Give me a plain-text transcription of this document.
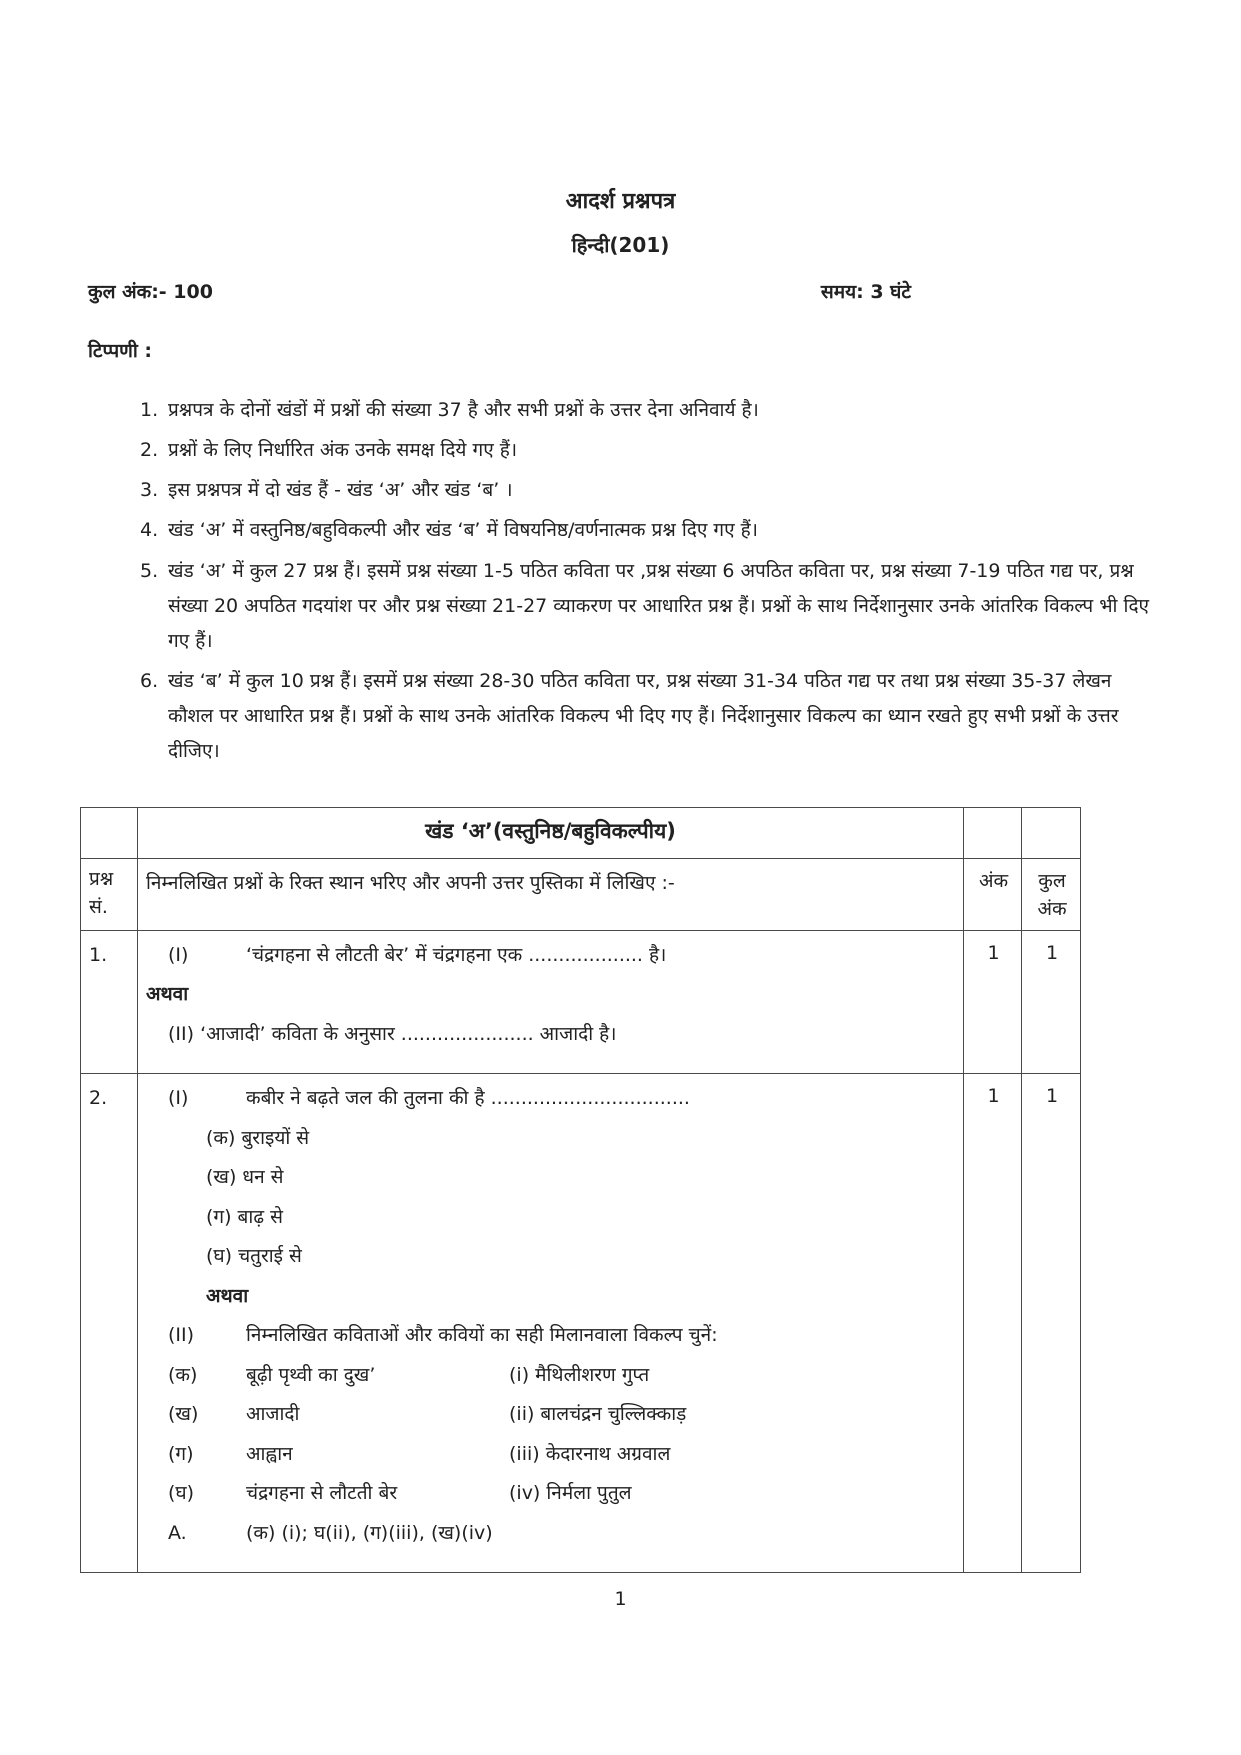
आदर्श प्रश्नपत्र
हिन्दी(201)
कुल अंक:- 100	समय: 3 घंटे
टिप्पणी :
1. प्रश्नपत्र के दोनों खंडों में प्रश्नों की संख्या 37 है और सभी प्रश्नों के उत्तर देना अनिवार्य है।
2. प्रश्नों के लिए निर्धारित अंक उनके समक्ष दिये गए हैं।
3. इस प्रश्नपत्र में दो खंड हैं - खंड ‘अ’ और खंड ‘ब’ ।
4. खंड ‘अ’ में वस्तुनिष्ठ/बहुविकल्पी और खंड ‘ब’ में विषयनिष्ठ/वर्णनात्मक प्रश्न दिए गए हैं।
5. खंड ‘अ’ में कुल 27 प्रश्न हैं। इसमें प्रश्न संख्या 1-5 पठित कविता पर ,प्रश्न संख्या 6 अपठित कविता पर, प्रश्न संख्या 7-19 पठित गद्य पर, प्रश्न संख्या 20 अपठित गदयांश पर और प्रश्न संख्या 21-27 व्याकरण पर आधारित प्रश्न हैं। प्रश्नों के साथ निर्देशानुसार उनके आंतरिक विकल्प भी दिए गए हैं।
6. खंड ‘ब’ में कुल 10 प्रश्न हैं। इसमें प्रश्न संख्या 28-30 पठित कविता पर, प्रश्न संख्या 31-34 पठित गद्य पर तथा प्रश्न संख्या 35-37 लेखन कौशल पर आधारित प्रश्न हैं। प्रश्नों के साथ उनके आंतरिक विकल्प भी दिए गए हैं। निर्देशानुसार विकल्प का ध्यान रखते हुए सभी प्रश्नों के उत्तर दीजिए।
	खंड ‘अ’(वस्तुनिष्ठ/बहुविकल्पीय)		
प्रश्न सं.	निम्नलिखित प्रश्नों के रिक्त स्थान भरिए और अपनी उत्तर पुस्तिका में लिखिए :-	अंक	कुल अंक
1.	(I) ‘चंद्रगहना से लौटती बेर’ में चंद्रगहना एक ................... है।
अथवा
(II) ‘आजादी’ कविता के अनुसार ...................... आजादी है।	1	1
2.	(I)	कबीर ने बढ़ते जल की तुलना की है .................................
(क) बुराइयों से
(ख) धन से
(ग) बाढ़ से
(घ) चतुराई से
अथवा
(II)	निम्नलिखित कविताओं और कवियों का सही मिलानवाला विकल्प चुनें:
(क)	बूढ़ी पृथ्वी का दुख’	(i) मैथिलीशरण गुप्त
(ख)	आजादी	(ii) बालचंद्रन चुल्लिक्काड़
(ग)	आह्वान	(iii) केदारनाथ अग्रवाल
(घ)	चंद्रगहना से लौटती बेर	(iv) निर्मला पुतुल
A.	(क) (i); घ(ii), (ग)(iii), (ख)(iv)
	1	1
1
